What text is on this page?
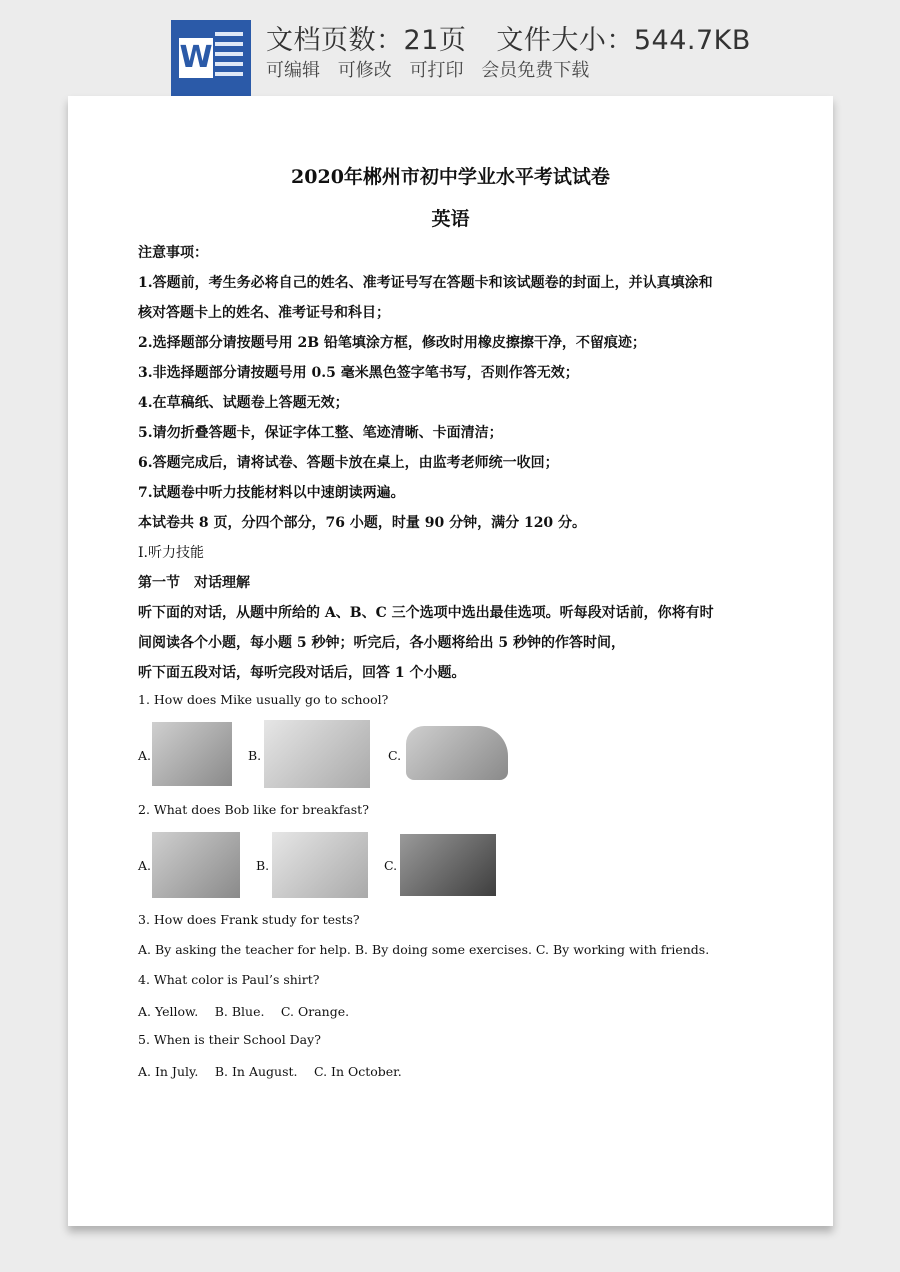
W 文档页数：21页 文件大小：544.7KB
可编辑 可修改 可打印 会员免费下载
2020年郴州市初中学业水平考试试卷
英语
注意事项：
1.答题前，考生务必将自己的姓名、准考证号写在答题卡和该试题卷的封面上，并认真填涂和
核对答题卡上的姓名、准考证号和科目；
2.选择题部分请按题号用 2B 铅笔填涂方框，修改时用橡皮擦擦干净，不留痕迹；
3.非选择题部分请按题号用 0.5 毫米黑色签字笔书写，否则作答无效；
4.在草稿纸、试题卷上答题无效；
5.请勿折叠答题卡，保证字体工整、笔迹清晰、卡面清洁；
6.答题完成后，请将试卷、答题卡放在桌上，由监考老师统一收回；
7.试题卷中听力技能材料以中速朗读两遍。
本试卷共 8 页，分四个部分，76 小题，时量 90 分钟，满分 120 分。
Ⅰ.听力技能
第一节　对话理解
听下面的对话，从题中所给的 A、B、C 三个选项中选出最佳选项。听每段对话前，你将有时
间阅读各个小题，每小题 5 秒钟；听完后，各小题将给出 5 秒钟的作答时间，
听下面五段对话，每听完段对话后，回答 1 个小题。
1. How does Mike usually go to school?
A.	B.	C.
2. What does Bob like for breakfast?
A.	B.	C.
3. How does Frank study for tests?
A. By asking the teacher for help. B. By doing some exercises. C. By working with friends.
4. What color is Paul’s shirt?
A. Yellow.　 B. Blue.　 C. Orange.
5. When is their School Day?
A. In July.　 B. In August.　 C. In October.
